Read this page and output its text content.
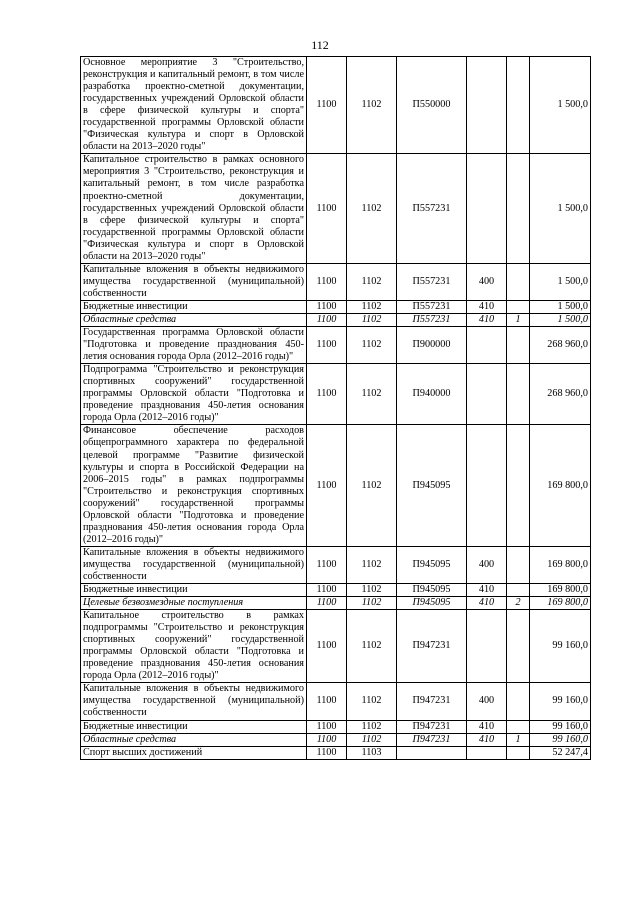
112
Основное мероприятие 3 "Строительство, реконструкция и капитальный ремонт, в том числе разработка проектно-сметной документации, государственных учреждений Орловской области в сфере физической культуры и спорта" государственной программы Орловской области "Физическая культура и спорт в Орловской области на 2013–2020 годы"	1100	1102	П550000			1 500,0
Капитальное строительство в рамках основного мероприятия 3 "Строительство, реконструкция и капитальный ремонт, в том числе разработка проектно-сметной документации, государственных учреждений Орловской области в сфере физической культуры и спорта" государственной программы Орловской области "Физическая культура и спорт в Орловской области на 2013–2020 годы"	1100	1102	П557231			1 500,0
Капитальные вложения в объекты недвижимого имущества государственной (муниципальной) собственности	1100	1102	П557231	400		1 500,0
Бюджетные инвестиции	1100	1102	П557231	410		1 500,0
Областные средства	1100	1102	П557231	410	1	1 500,0
Государственная программа Орловской области "Подготовка и проведение празднования 450-летия основания города Орла (2012–2016 годы)"	1100	1102	П900000			268 960,0
Подпрограмма "Строительство и реконструкция спортивных сооружений" государственной программы Орловской области "Подготовка и проведение празднования 450-летия основания города Орла (2012–2016 годы)"	1100	1102	П940000			268 960,0
Финансовое обеспечение расходов общепрограммного характера по федеральной целевой программе "Развитие физической культуры и спорта в Российской Федерации на 2006–2015 годы" в рамках подпрограммы "Строительство и реконструкция спортивных сооружений" государственной программы Орловской области "Подготовка и проведение празднования 450-летия основания города Орла (2012–2016 годы)"	1100	1102	П945095			169 800,0
Капитальные вложения в объекты недвижимого имущества государственной (муниципальной) собственности	1100	1102	П945095	400		169 800,0
Бюджетные инвестиции	1100	1102	П945095	410		169 800,0
Целевые безвозмездные поступления	1100	1102	П945095	410	2	169 800,0
Капитальное строительство в рамках подпрограммы "Строительство и реконструкция спортивных сооружений" государственной программы Орловской области "Подготовка и проведение празднования 450-летия основания города Орла (2012–2016 годы)"	1100	1102	П947231			99 160,0
Капитальные вложения в объекты недвижимого имущества государственной (муниципальной) собственности	1100	1102	П947231	400		99 160,0
Бюджетные инвестиции	1100	1102	П947231	410		99 160,0
Областные средства	1100	1102	П947231	410	1	99 160,0
Спорт высших достижений	1100	1103				52 247,4
